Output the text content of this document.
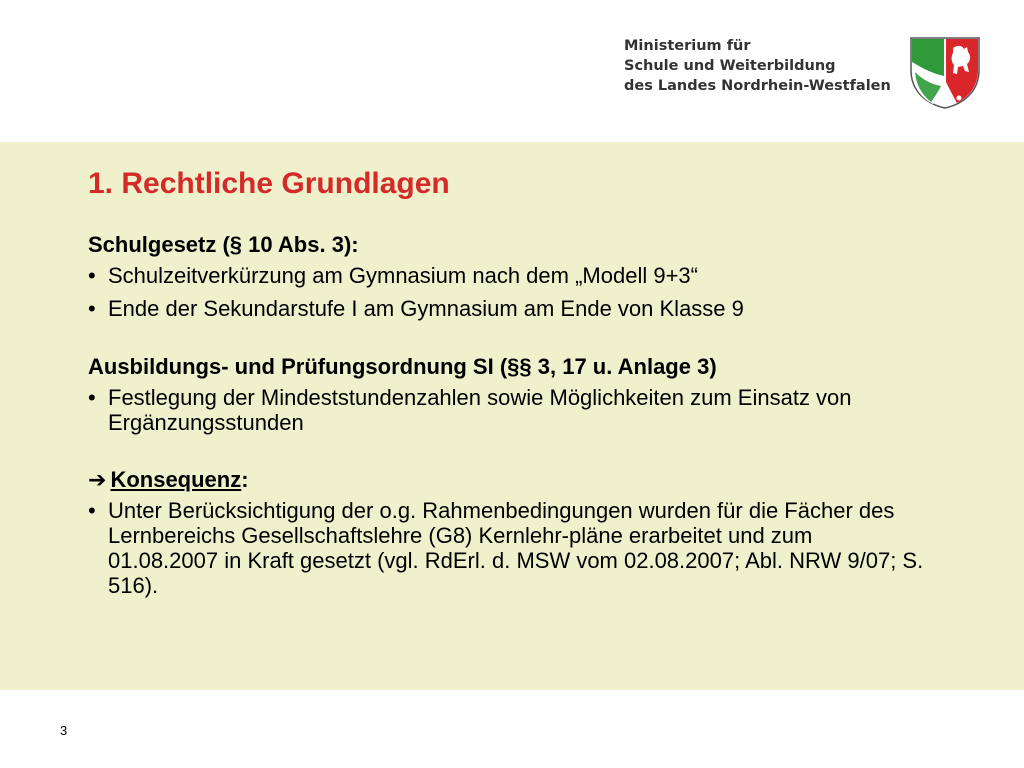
Ministerium für
Schule und Weiterbildung
des Landes Nordrhein-Westfalen
1. Rechtliche Grundlagen
Schulgesetz (§ 10 Abs. 3):
• Schulzeitverkürzung am Gymnasium nach dem „Modell 9+3“
• Ende der Sekundarstufe I am Gymnasium am Ende von Klasse 9
Ausbildungs- und Prüfungsordnung SI (§§ 3, 17 u. Anlage 3)
• Festlegung der Mindeststundenzahlen sowie Möglichkeiten zum Einsatz von Ergänzungsstunden
➔ Konsequenz:
• Unter Berücksichtigung der o.g. Rahmenbedingungen wurden für die Fächer des Lernbereichs Gesellschaftslehre (G8) Kernlehr-pläne erarbeitet und zum 01.08.2007 in Kraft gesetzt (vgl. RdErl. d. MSW vom 02.08.2007; Abl. NRW 9/07; S. 516).
3
